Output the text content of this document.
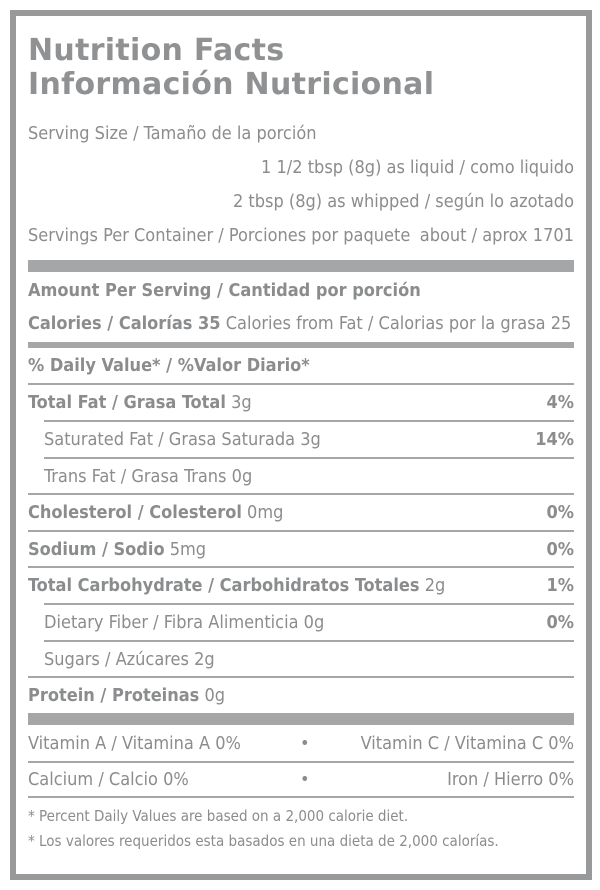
Nutrition Facts
Información Nutricional
Serving Size / Tamaño de la porción
1 1/2 tbsp (8g) as liquid / como liquido
2 tbsp (8g) as whipped / según lo azotado
Servings Per Container / Porciones por paquete about / aprox 1701
Amount Per Serving / Cantidad por porción
Calories / Calorías 35 Calories from Fat / Calorias por la grasa 25
% Daily Value* / %Valor Diario*
Total Fat / Grasa Total 3g	4%
Saturated Fat / Grasa Saturada 3g	14%
Trans Fat / Grasa Trans 0g
Cholesterol / Colesterol 0mg	0%
Sodium / Sodio 5mg	0%
Total Carbohydrate / Carbohidratos Totales 2g	1%
Dietary Fiber / Fibra Alimenticia 0g	0%
Sugars / Azúcares 2g
Protein / Proteinas 0g
Vitamin A / Vitamina A 0%	•	Vitamin C / Vitamina C 0%
Calcium / Calcio 0%	•	Iron / Hierro 0%
* Percent Daily Values are based on a 2,000 calorie diet.
* Los valores requeridos esta basados en una dieta de 2,000 calorías.
